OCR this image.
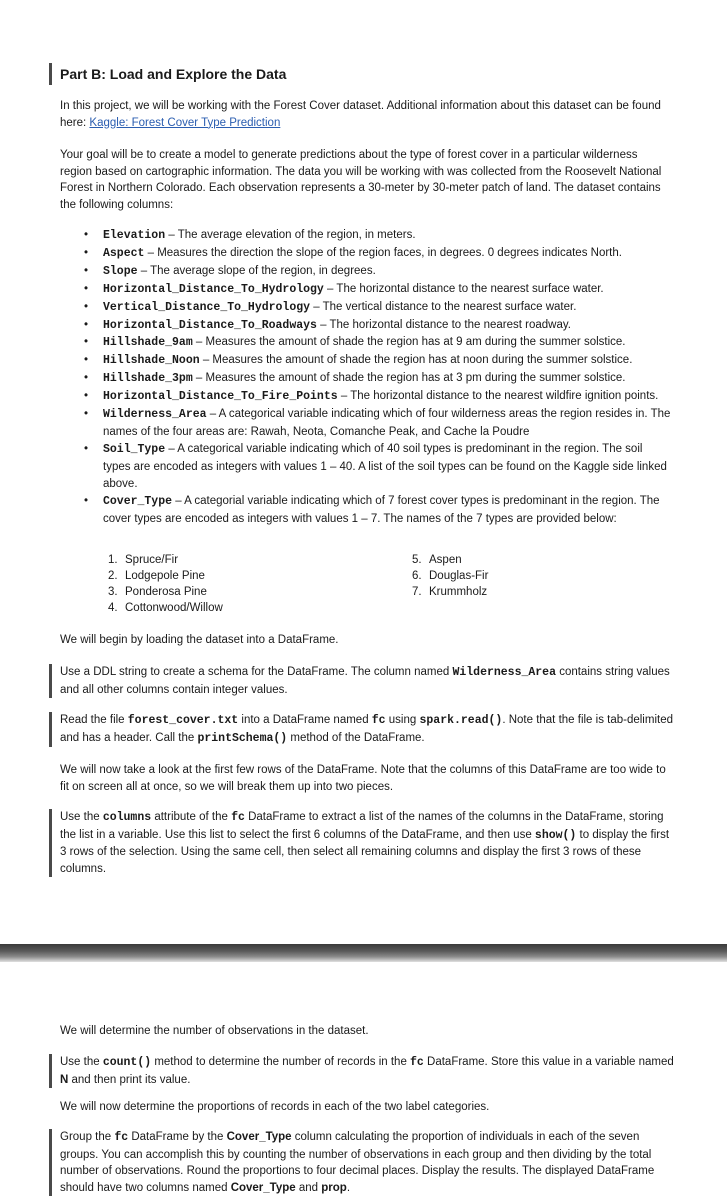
Part B: Load and Explore the Data

In this project, we will be working with the Forest Cover dataset. Additional information about this dataset can be found here: Kaggle: Forest Cover Type Prediction

Your goal will be to create a model to generate predictions about the type of forest cover in a particular wilderness region based on cartographic information. The data you will be working with was collected from the Roosevelt National Forest in Northern Colorado. Each observation represents a 30-meter by 30-meter patch of land. The dataset contains the following columns:

• Elevation – The average elevation of the region, in meters.
• Aspect – Measures the direction the slope of the region faces, in degrees. 0 degrees indicates North.
• Slope – The average slope of the region, in degrees.
• Horizontal_Distance_To_Hydrology – The horizontal distance to the nearest surface water.
• Vertical_Distance_To_Hydrology – The vertical distance to the nearest surface water.
• Horizontal_Distance_To_Roadways – The horizontal distance to the nearest roadway.
• Hillshade_9am – Measures the amount of shade the region has at 9 am during the summer solstice.
• Hillshade_Noon – Measures the amount of shade the region has at noon during the summer solstice.
• Hillshade_3pm – Measures the amount of shade the region has at 3 pm during the summer solstice.
• Horizontal_Distance_To_Fire_Points – The horizontal distance to the nearest wildfire ignition points.
• Wilderness_Area – A categorical variable indicating which of four wilderness areas the region resides in. The names of the four areas are: Rawah, Neota, Comanche Peak, and Cache la Poudre
• Soil_Type – A categorical variable indicating which of 40 soil types is predominant in the region. The soil types are encoded as integers with values 1 – 40. A list of the soil types can be found on the Kaggle side linked above.
• Cover_Type – A categorial variable indicating which of 7 forest cover types is predominant in the region. The cover types are encoded as integers with values 1 – 7. The names of the 7 types are provided below:
1. Spruce/Fir
2. Lodgepole Pine
3. Ponderosa Pine
4. Cottonwood/Willow
5. Aspen
6. Douglas-Fir
7. Krummholz

We will begin by loading the dataset into a DataFrame.

Use a DDL string to create a schema for the DataFrame. The column named Wilderness_Area contains string values and all other columns contain integer values.

Read the file forest_cover.txt into a DataFrame named fc using spark.read(). Note that the file is tab-delimited and has a header. Call the printSchema() method of the DataFrame.

We will now take a look at the first few rows of the DataFrame. Note that the columns of this DataFrame are too wide to fit on screen all at once, so we will break them up into two pieces.

Use the columns attribute of the fc DataFrame to extract a list of the names of the columns in the DataFrame, storing the list in a variable. Use this list to select the first 6 columns of the DataFrame, and then use show() to display the first 3 rows of the selection. Using the same cell, then select all remaining columns and display the first 3 rows of these columns.

We will determine the number of observations in the dataset.

Use the count() method to determine the number of records in the fc DataFrame. Store this value in a variable named N and then print its value.

We will now determine the proportions of records in each of the two label categories.

Group the fc DataFrame by the Cover_Type column calculating the proportion of individuals in each of the seven groups. You can accomplish this by counting the number of observations in each group and then dividing by the total number of observations. Round the proportions to four decimal places. Display the results. The displayed DataFrame should have two columns named Cover_Type and prop.
